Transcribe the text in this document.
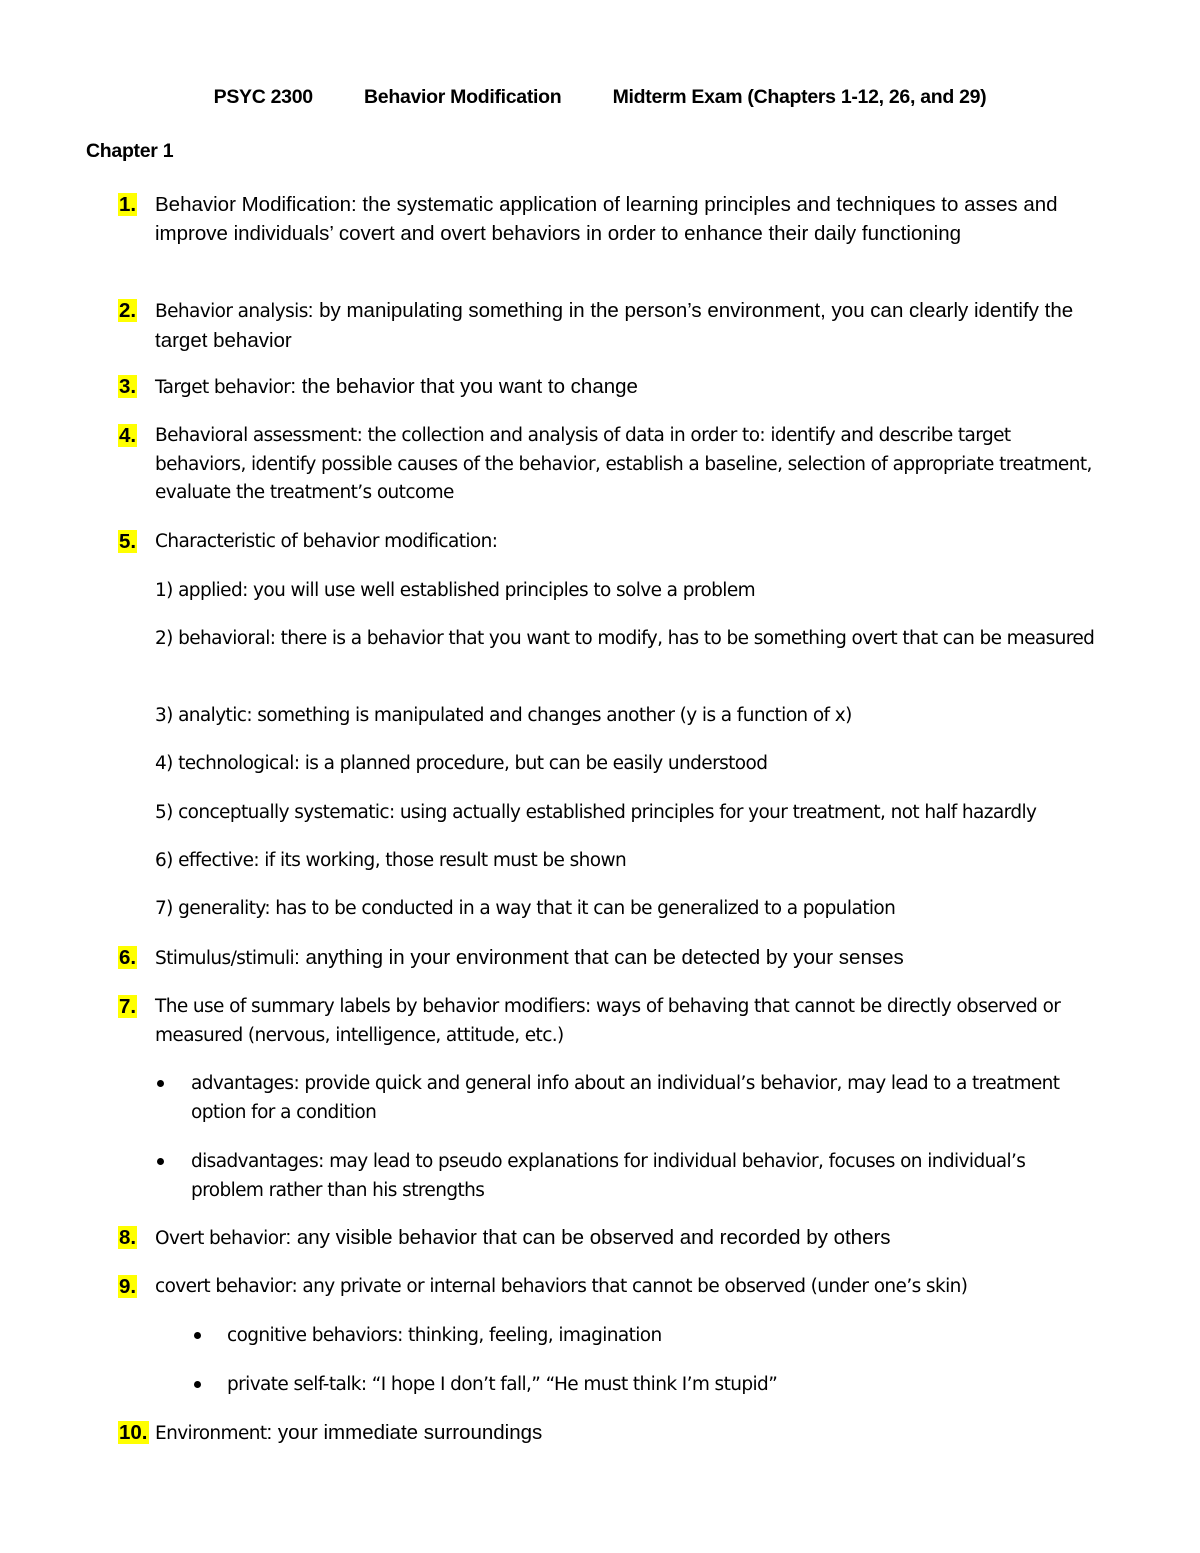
PSYC 2300	Behavior Modification	Midterm Exam (Chapters 1-12, 26, and 29)
Chapter 1
1. Behavior Modification: the systematic application of learning principles and techniques to asses and improve individuals’ covert and overt behaviors in order to enhance their daily functioning
2. Behavior analysis: by manipulating something in the person’s environment, you can clearly identify the target behavior
3. Target behavior: the behavior that you want to change
4. Behavioral assessment: the collection and analysis of data in order to: identify and describe target behaviors, identify possible causes of the behavior, establish a baseline, selection of appropriate treatment, evaluate the treatment’s outcome
5. Characteristic of behavior modification:
1) applied: you will use well established principles to solve a problem
2) behavioral: there is a behavior that you want to modify, has to be something overt that can be measured
3) analytic: something is manipulated and changes another (y is a function of x)
4) technological: is a planned procedure, but can be easily understood
5) conceptually systematic: using actually established principles for your treatment, not half hazardly
6) effective: if its working, those result must be shown
7) generality: has to be conducted in a way that it can be generalized to a population
6. Stimulus/stimuli: anything in your environment that can be detected by your senses
7. The use of summary labels by behavior modifiers: ways of behaving that cannot be directly observed or measured (nervous, intelligence, attitude, etc.)
advantages: provide quick and general info about an individual’s behavior, may lead to a treatment option for a condition
disadvantages: may lead to pseudo explanations for individual behavior, focuses on individual’s problem rather than his strengths
8. Overt behavior: any visible behavior that can be observed and recorded by others
9. covert behavior: any private or internal behaviors that cannot be observed (under one’s skin)
cognitive behaviors: thinking, feeling, imagination
private self-talk: “I hope I don’t fall,” “He must think I’m stupid”
10. Environment: your immediate surroundings
